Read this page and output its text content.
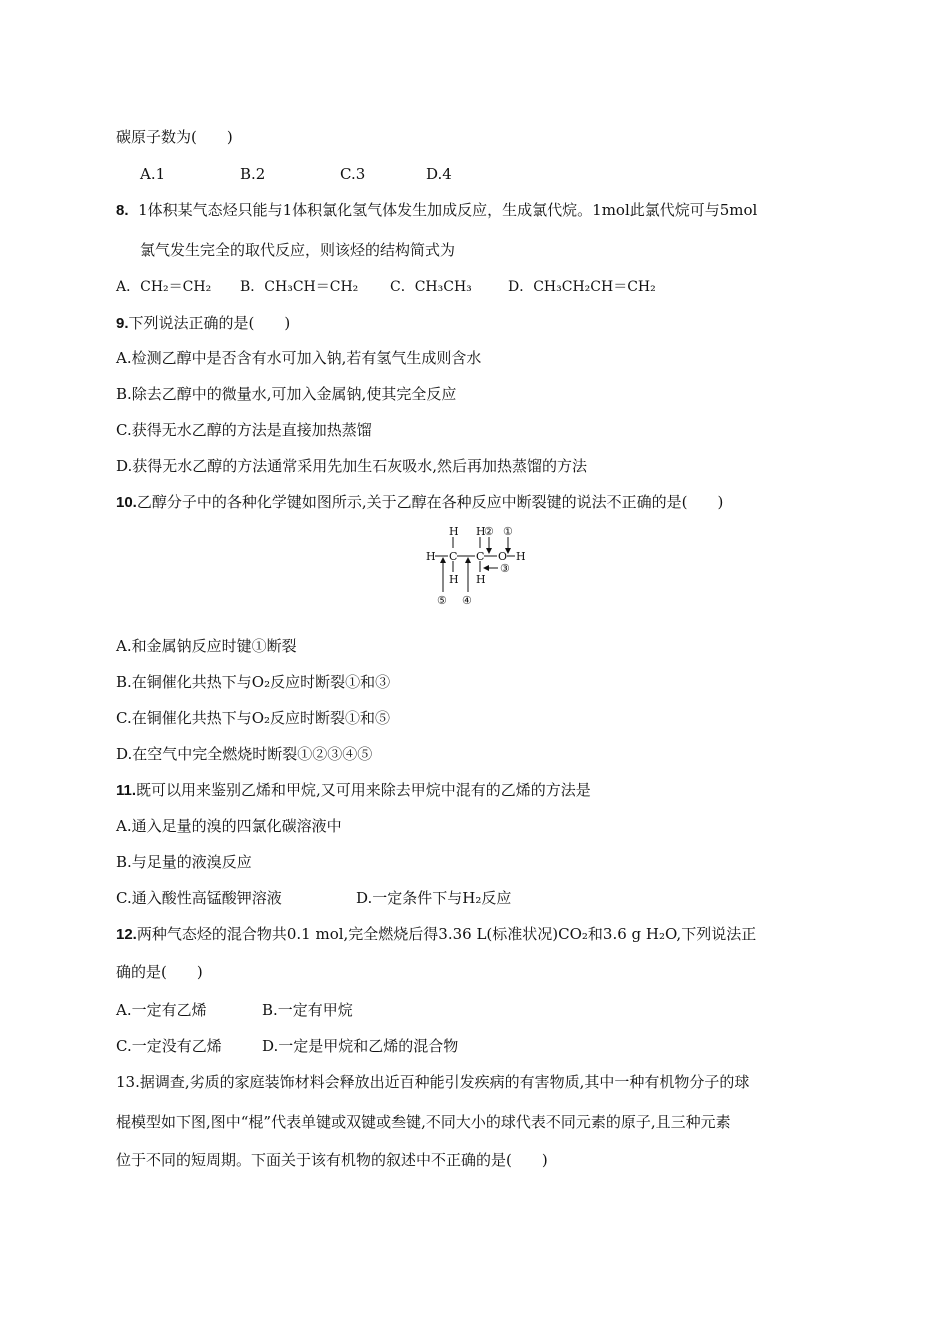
碳原子数为(　　)
A.1	B.2	C.3	D.4
8. 1体积某气态烃只能与1体积氯化氢气体发生加成反应，生成氯代烷。1mol此氯代烷可与5mol
氯气发生完全的取代反应，则该烃的结构简式为
A．CH₂＝CH₂ B．CH₃CH＝CH₂ C．CH₃CH₃	D．CH₃CH₂CH＝CH₂
9.下列说法正确的是(　　)
A.检测乙醇中是否含有水可加入钠,若有氢气生成则含水
B.除去乙醇中的微量水,可加入金属钠,使其完全反应
C.获得无水乙醇的方法是直接加热蒸馏
D.获得无水乙醇的方法通常采用先加生石灰吸水,然后再加热蒸馏的方法
10.乙醇分子中的各种化学键如图所示,关于乙醇在各种反应中断裂键的说法不正确的是(　　)
H H
② ①
H C C O H
H H
③
⑤ ④
A.和金属钠反应时键①断裂
B.在铜催化共热下与O₂反应时断裂①和③
C.在铜催化共热下与O₂反应时断裂①和⑤
D.在空气中完全燃烧时断裂①②③④⑤
11.既可以用来鉴别乙烯和甲烷,又可用来除去甲烷中混有的乙烯的方法是
A.通入足量的溴的四氯化碳溶液中
B.与足量的液溴反应
C.通入酸性高锰酸钾溶液	D.一定条件下与H₂反应
12.两种气态烃的混合物共0.1 mol,完全燃烧后得3.36 L(标准状况)CO₂和3.6 g H₂O,下列说法正
确的是(　　)
A.一定有乙烯	B.一定有甲烷
C.一定没有乙烯	D.一定是甲烷和乙烯的混合物
13.据调查,劣质的家庭装饰材料会释放出近百种能引发疾病的有害物质,其中一种有机物分子的球
棍模型如下图,图中“棍”代表单键或双键或叁键,不同大小的球代表不同元素的原子,且三种元素
位于不同的短周期。下面关于该有机物的叙述中不正确的是(　　)
